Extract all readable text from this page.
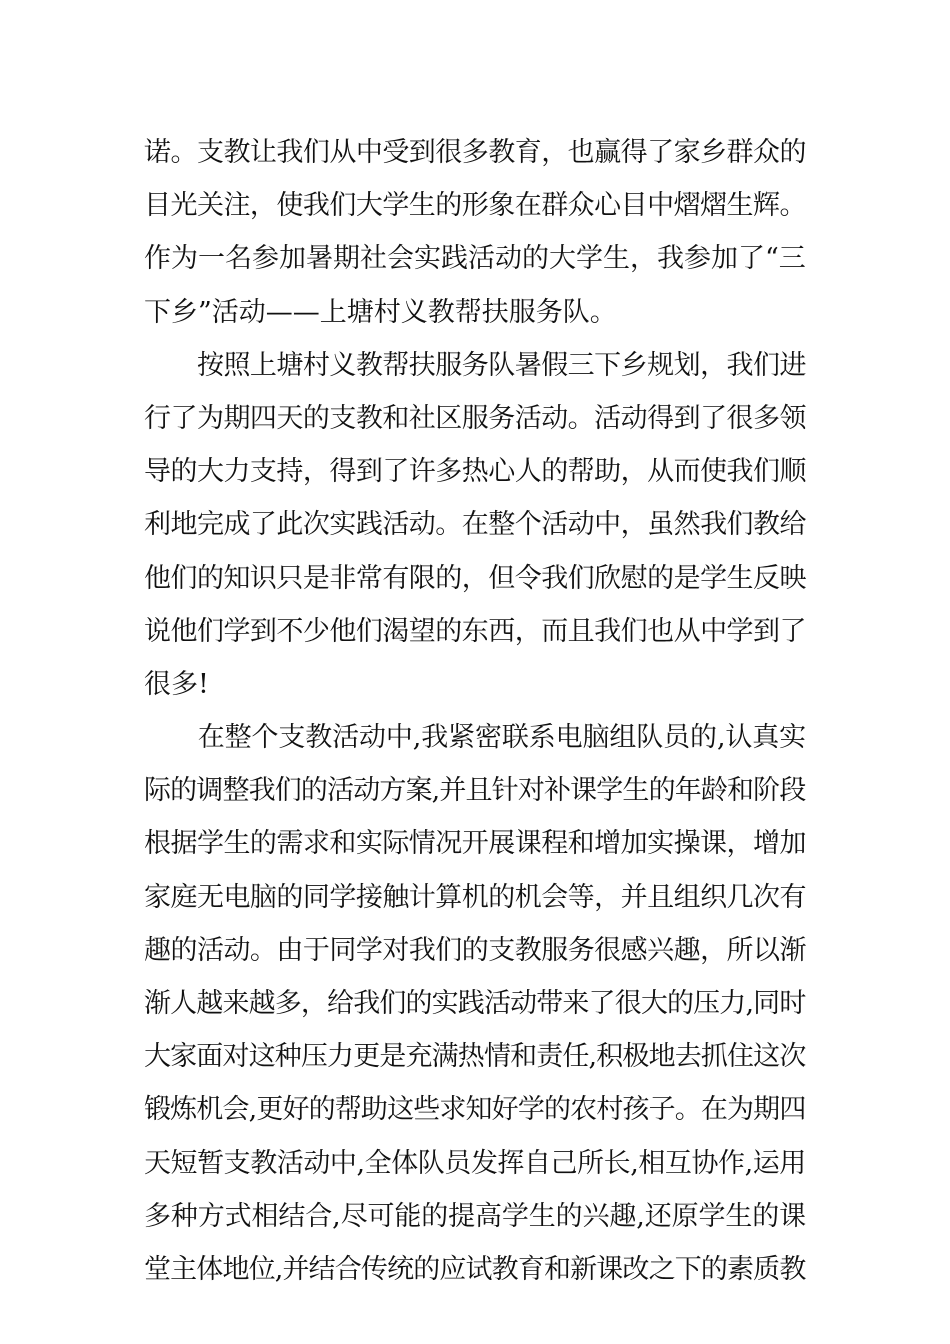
诺。支教让我们从中受到很多教育，也赢得了家乡群众的
目光关注，使我们大学生的形象在群众心目中熠熠生辉。
作为一名参加暑期社会实践活动的大学生，我参加了“三
下乡”活动——上塘村义教帮扶服务队。
　　按照上塘村义教帮扶服务队暑假三下乡规划，我们进
行了为期四天的支教和社区服务活动。活动得到了很多领
导的大力支持，得到了许多热心人的帮助，从而使我们顺
利地完成了此次实践活动。在整个活动中，虽然我们教给
他们的知识只是非常有限的，但令我们欣慰的是学生反映
说他们学到不少他们渴望的东西，而且我们也从中学到了
很多!
　　在整个支教活动中,我紧密联系电脑组队员的,认真实
际的调整我们的活动方案,并且针对补课学生的年龄和阶段
根据学生的需求和实际情况开展课程和增加实操课，增加
家庭无电脑的同学接触计算机的机会等，并且组织几次有
趣的活动。由于同学对我们的支教服务很感兴趣，所以渐
渐人越来越多，给我们的实践活动带来了很大的压力,同时
大家面对这种压力更是充满热情和责任,积极地去抓住这次
锻炼机会,更好的帮助这些求知好学的农村孩子。在为期四
天短暂支教活动中,全体队员发挥自己所长,相互协作,运用
多种方式相结合,尽可能的提高学生的兴趣,还原学生的课
堂主体地位,并结合传统的应试教育和新课改之下的素质教
